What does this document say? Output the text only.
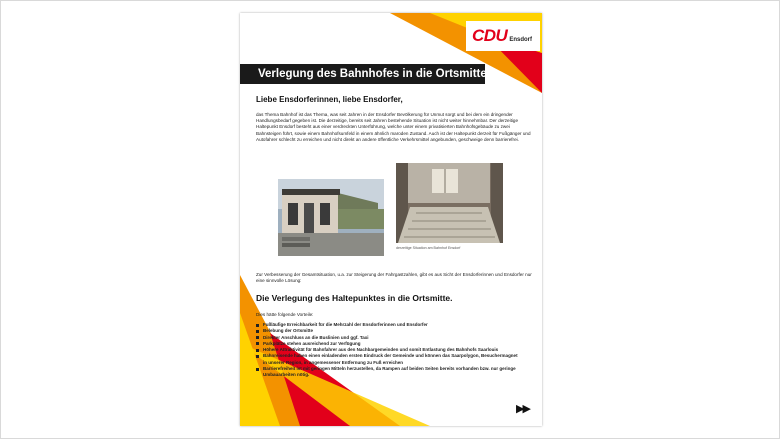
CDU Ensdorf
Verlegung des Bahnhofes in die Ortsmitte
Liebe Ensdorferinnen, liebe Ensdorfer,
das Thema Bahnhof ist das Thema, was seit Jahren in der Ensdorfer Bevölkerung für Unmut sorgt und bei dem ein dringender Handlungsbedarf gegeben ist. Die derzeitige, bereits seit Jahren bestehende Situation ist nicht weiter hinnehmbar. Der derzeitige Haltepunkt Ensdorf besteht aus einer verdreckten Unterführung, welche unter einem privatisierten Bahnhofsgebäude zu zwei Bahnsteigen führt, sowie einem Bahnhofsumfeld in einem ähnlich maroden Zustand. Auch ist der Haltepunkt derzeit für Fußgänger und Autofahrer schlecht zu erreichen und nicht direkt an andere öffentliche Verkehrsmittel angebunden, geschweige denn barrierefrei.
derzeitige Situation am Bahnhof Ensdorf
Zur Verbesserung der Gesamtsituation, u.a. zur Steigerung der Fahrgastzahlen, gibt es aus Sicht der Ensdorferinnen und Ensdorfer nur eine sinnvolle Lösung:
Die Verlegung des Haltepunktes in die Ortsmitte.
Dies hätte folgende Vorteile:
Fußläufige Erreichbarkeit für die Mehrzahl der Ensdorferinnen und Ensdorfer
Belebung der Ortsmitte
Direkter Anschluss an die Buslinien und ggf. Taxi
Parkplätze stehen ausreichend zur Verfügung
Höhere Attraktivität für Bahnfahrer aus den Nachbargemeinden und somit Entlastung des Bahnhofs Saarlouis
Bahnreisende haben einen einladenden ersten Eindruck der Gemeinde und können das Saarpolygon, Besuchermagnet in unserer Region, in angemessener Entfernung zu Fuß erreichen
Barrierefreiheit ist mit geringen Mitteln herzustellen, da Rampen auf beiden Seiten bereits vorhanden bzw. nur geringe Umbauarbeiten nötig.
▶▶
